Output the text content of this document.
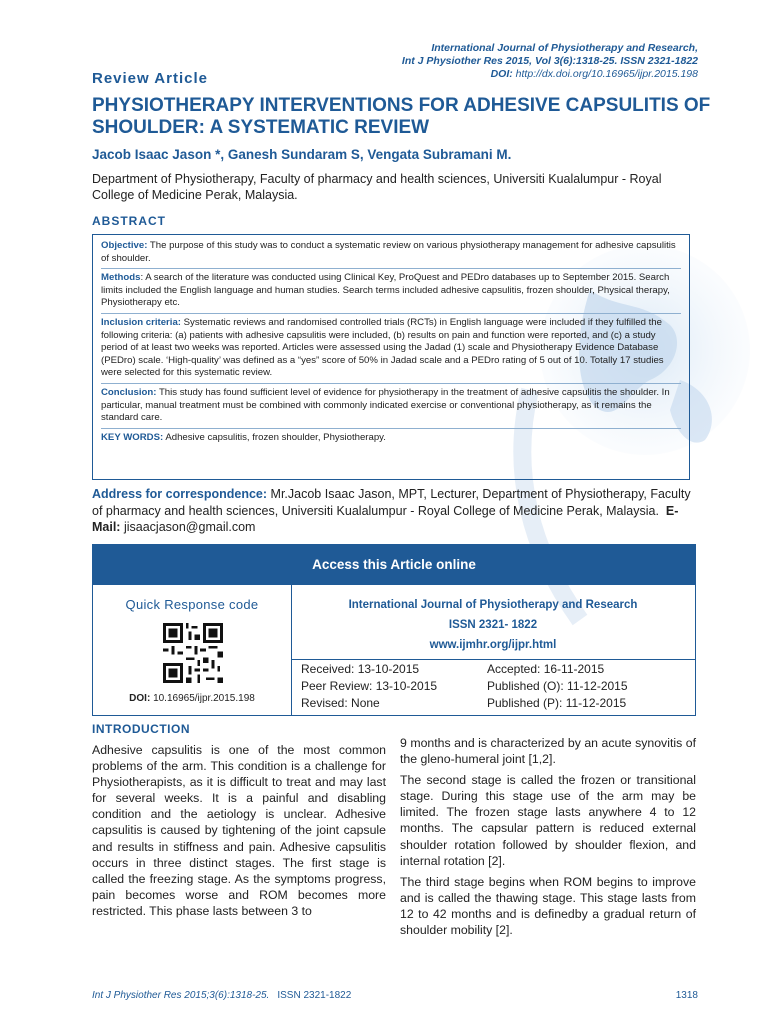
International Journal of Physiotherapy and Research,
Int J Physiother Res 2015, Vol 3(6):1318-25. ISSN 2321-1822
DOI: http://dx.doi.org/10.16965/ijpr.2015.198
Review Article
PHYSIOTHERAPY INTERVENTIONS FOR ADHESIVE CAPSULITIS OF SHOULDER: A SYSTEMATIC REVIEW
Jacob Isaac Jason *, Ganesh Sundaram S, Vengata Subramani M.
Department of Physiotherapy, Faculty of pharmacy and health sciences, Universiti Kualalumpur - Royal College of Medicine Perak, Malaysia.
ABSTRACT

Objective: The purpose of this study was to conduct a systematic review on various physiotherapy management for adhesive capsulitis of shoulder.

Methods: A search of the literature was conducted using Clinical Key, ProQuest and PEDro databases up to September 2015. Search limits included the English language and human studies. Search terms included adhesive capsulitis, frozen shoulder, Physical therapy, Physiotherapy etc.

Inclusion criteria: Systematic reviews and randomised controlled trials (RCTs) in English language were included if they fulfilled the following criteria: (a) patients with adhesive capsulitis were included, (b) results on pain and function were reported, and (c) a study period of at least two weeks was reported. Articles were assessed using the Jadad (1) scale and Physiotherapy Evidence Database (PEDro) scale. ‘High-quality’ was defined as a “yes” score of 50% in Jadad scale and a PEDro rating of 5 out of 10. Totally 17 studies were selected for this systematic review.

Conclusion: This study has found sufficient level of evidence for physiotherapy in the treatment of adhesive capsulitis the shoulder. In particular, manual treatment must be combined with commonly indicated exercise or conventional physiotherapy, as it remains the standard care.

KEY WORDS: Adhesive capsulitis, frozen shoulder, Physiotherapy.

Address for correspondence: Mr.Jacob Isaac Jason, MPT, Lecturer, Department of Physiotherapy, Faculty of pharmacy and health sciences, Universiti Kualalumpur - Royal College of Medicine Perak, Malaysia. E-Mail: jisaacjason@gmail.com
Access this Article online
Quick Response code
DOI: 10.16965/ijpr.2015.198
International Journal of Physiotherapy and Research
ISSN 2321- 1822
www.ijmhr.org/ijpr.html
Received: 13-10-2015	Accepted: 16-11-2015
Peer Review: 13-10-2015	Published (O): 11-12-2015
Revised: None	Published (P): 11-12-2015
INTRODUCTION

Adhesive capsulitis is one of the most common problems of the arm. This condition is a challenge for Physiotherapists, as it is difficult to treat and may last for several weeks. It is a painful and disabling condition and the aetiology is unclear. Adhesive capsulitis is caused by tightening of the joint capsule and results in stiffness and pain. Adhesive capsulitis occurs in three distinct stages. The first stage is called the freezing stage. As the symptoms progress, pain becomes worse and ROM becomes more restricted. This phase lasts between 3 to

9 months and is characterized by an acute synovitis of the gleno-humeral joint [1,2].

The second stage is called the frozen or transitional stage. During this stage use of the arm may be limited. The frozen stage lasts anywhere 4 to 12 months. The capsular pattern is reduced external shoulder rotation followed by shoulder flexion, and internal rotation [2].

The third stage begins when ROM begins to improve and is called the thawing stage. This stage lasts from 12 to 42 months and is definedby a gradual return of shoulder mobility [2].

Int J Physiother Res 2015;3(6):1318-25. ISSN 2321-1822	1318
